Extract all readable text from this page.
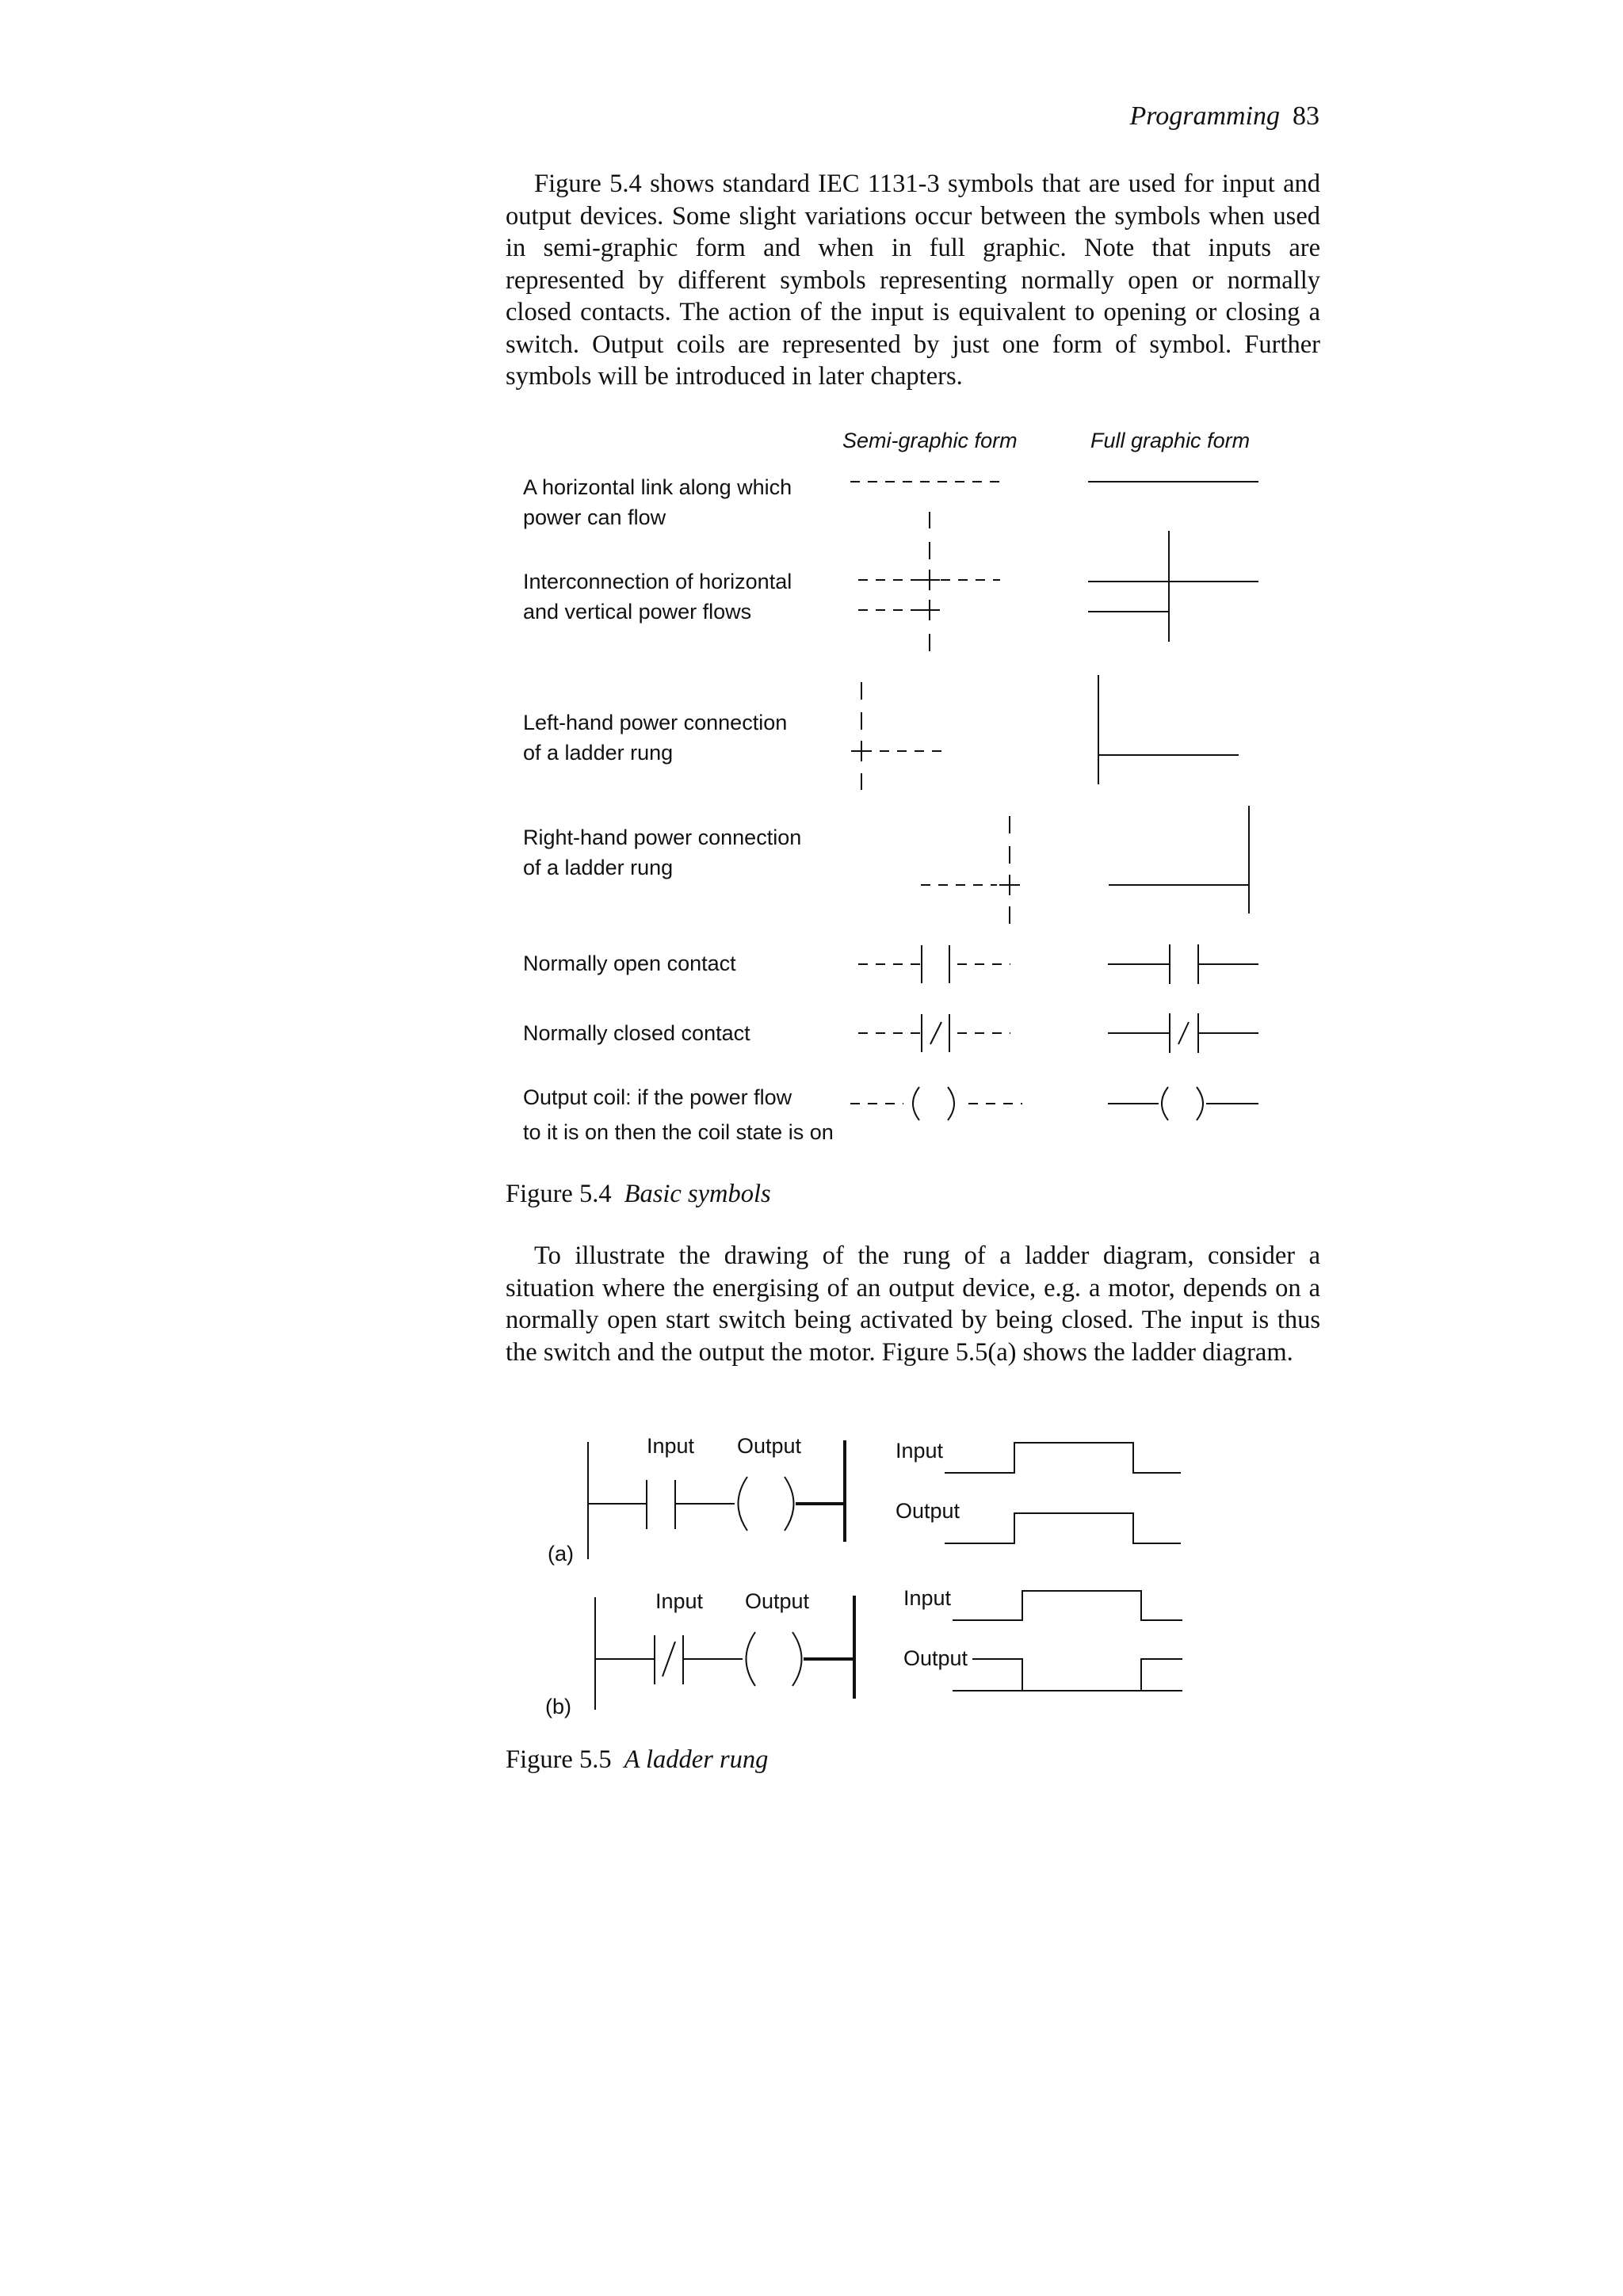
Programming 83

Figure 5.4 shows standard IEC 1131-3 symbols that are used for input and output devices. Some slight variations occur between the symbols when used in semi-graphic form and when in full graphic. Note that inputs are represented by different symbols representing normally open or normally closed contacts. The action of the input is equivalent to opening or closing a switch. Output coils are represented by just one form of symbol. Further symbols will be introduced in later chapters.

Semi-graphic form	Full graphic form
A horizontal link along which
power can flow
Interconnection of horizontal
and vertical power flows
Left-hand power connection
of a ladder rung
Right-hand power connection
of a ladder rung
Normally open contact
Normally closed contact
Output coil: if the power flow
to it is on then the coil state is on
Figure 5.4 Basic symbols

To illustrate the drawing of the rung of a ladder diagram, consider a situation where the energising of an output device, e.g. a motor, depends on a normally open start switch being activated by being closed. The input is thus the switch and the output the motor. Figure 5.5(a) shows the ladder diagram.

Input Output
(a)
Input
Output
Input Output
(b)
Input
Output
Figure 5.5 A ladder rung
